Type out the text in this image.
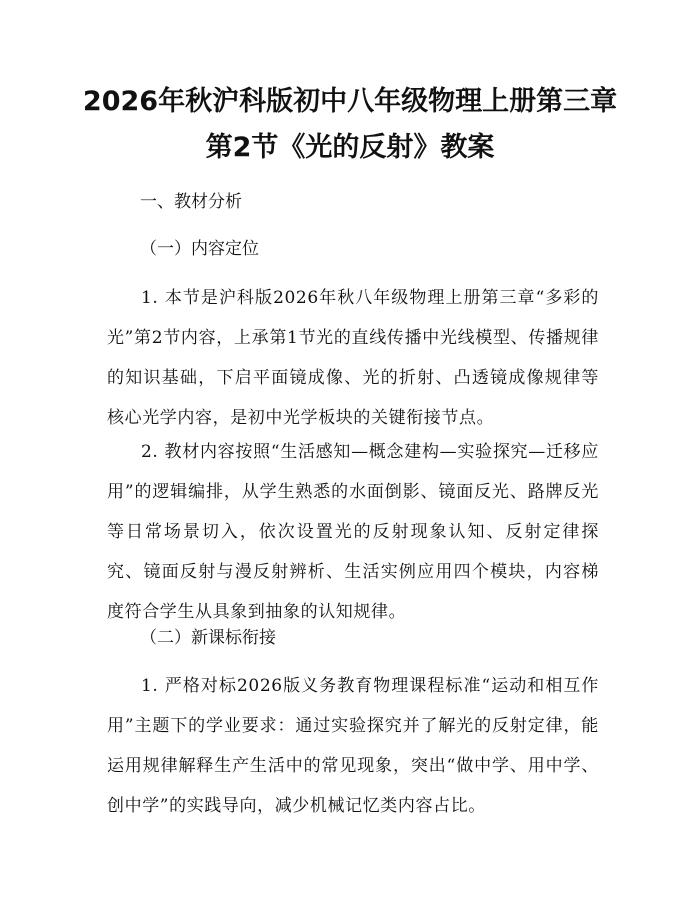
2026年秋沪科版初中八年级物理上册第三章
第2节《光的反射》教案

一、教材分析

（一）内容定位

1. 本节是沪科版2026年秋八年级物理上册第三章“多彩的光”第2节内容，上承第1节光的直线传播中光线模型、传播规律的知识基础，下启平面镜成像、光的折射、凸透镜成像规律等核心光学内容，是初中光学板块的关键衔接节点。

2. 教材内容按照“生活感知—概念建构—实验探究—迁移应用”的逻辑编排，从学生熟悉的水面倒影、镜面反光、路牌反光等日常场景切入，依次设置光的反射现象认知、反射定律探究、镜面反射与漫反射辨析、生活实例应用四个模块，内容梯度符合学生从具象到抽象的认知规律。

（二）新课标衔接

1. 严格对标2026版义务教育物理课程标准“运动和相互作用”主题下的学业要求：通过实验探究并了解光的反射定律，能运用规律解释生产生活中的常见现象，突出“做中学、用中学、创中学”的实践导向，减少机械记忆类内容占比。
